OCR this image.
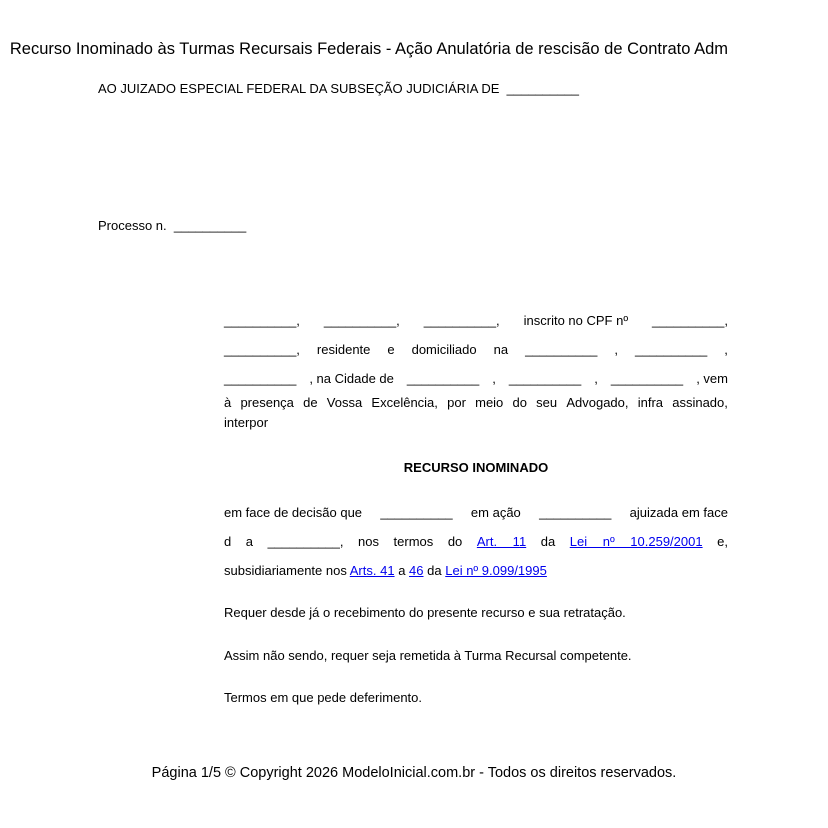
Recurso Inominado às Turmas Recursais Federais - Ação Anulatória de rescisão de Contrato Adm
AO JUIZADO ESPECIAL FEDERAL DA SUBSEÇÃO JUDICIÁRIA DE __________
Processo n. __________
__________, __________, __________, inscrito no CPF nº __________,
__________, residente e domiciliado na __________ , __________ ,
__________ , na Cidade de __________ , __________ , __________ , vem
à presença de Vossa Excelência, por meio do seu Advogado, infra assinado,
interpor
RECURSO INOMINADO
em face de decisão que __________ em ação __________ ajuizada em face
d a __________, nos termos do Art. 11 da Lei nº 10.259/2001 e,
subsidiariamente nos Arts. 41 a 46 da Lei nº 9.099/1995
Requer desde já o recebimento do presente recurso e sua retratação.
Assim não sendo, requer seja remetida à Turma Recursal competente.
Termos em que pede deferimento.
Página 1/5 © Copyright 2026 ModeloInicial.com.br - Todos os direitos reservados.
